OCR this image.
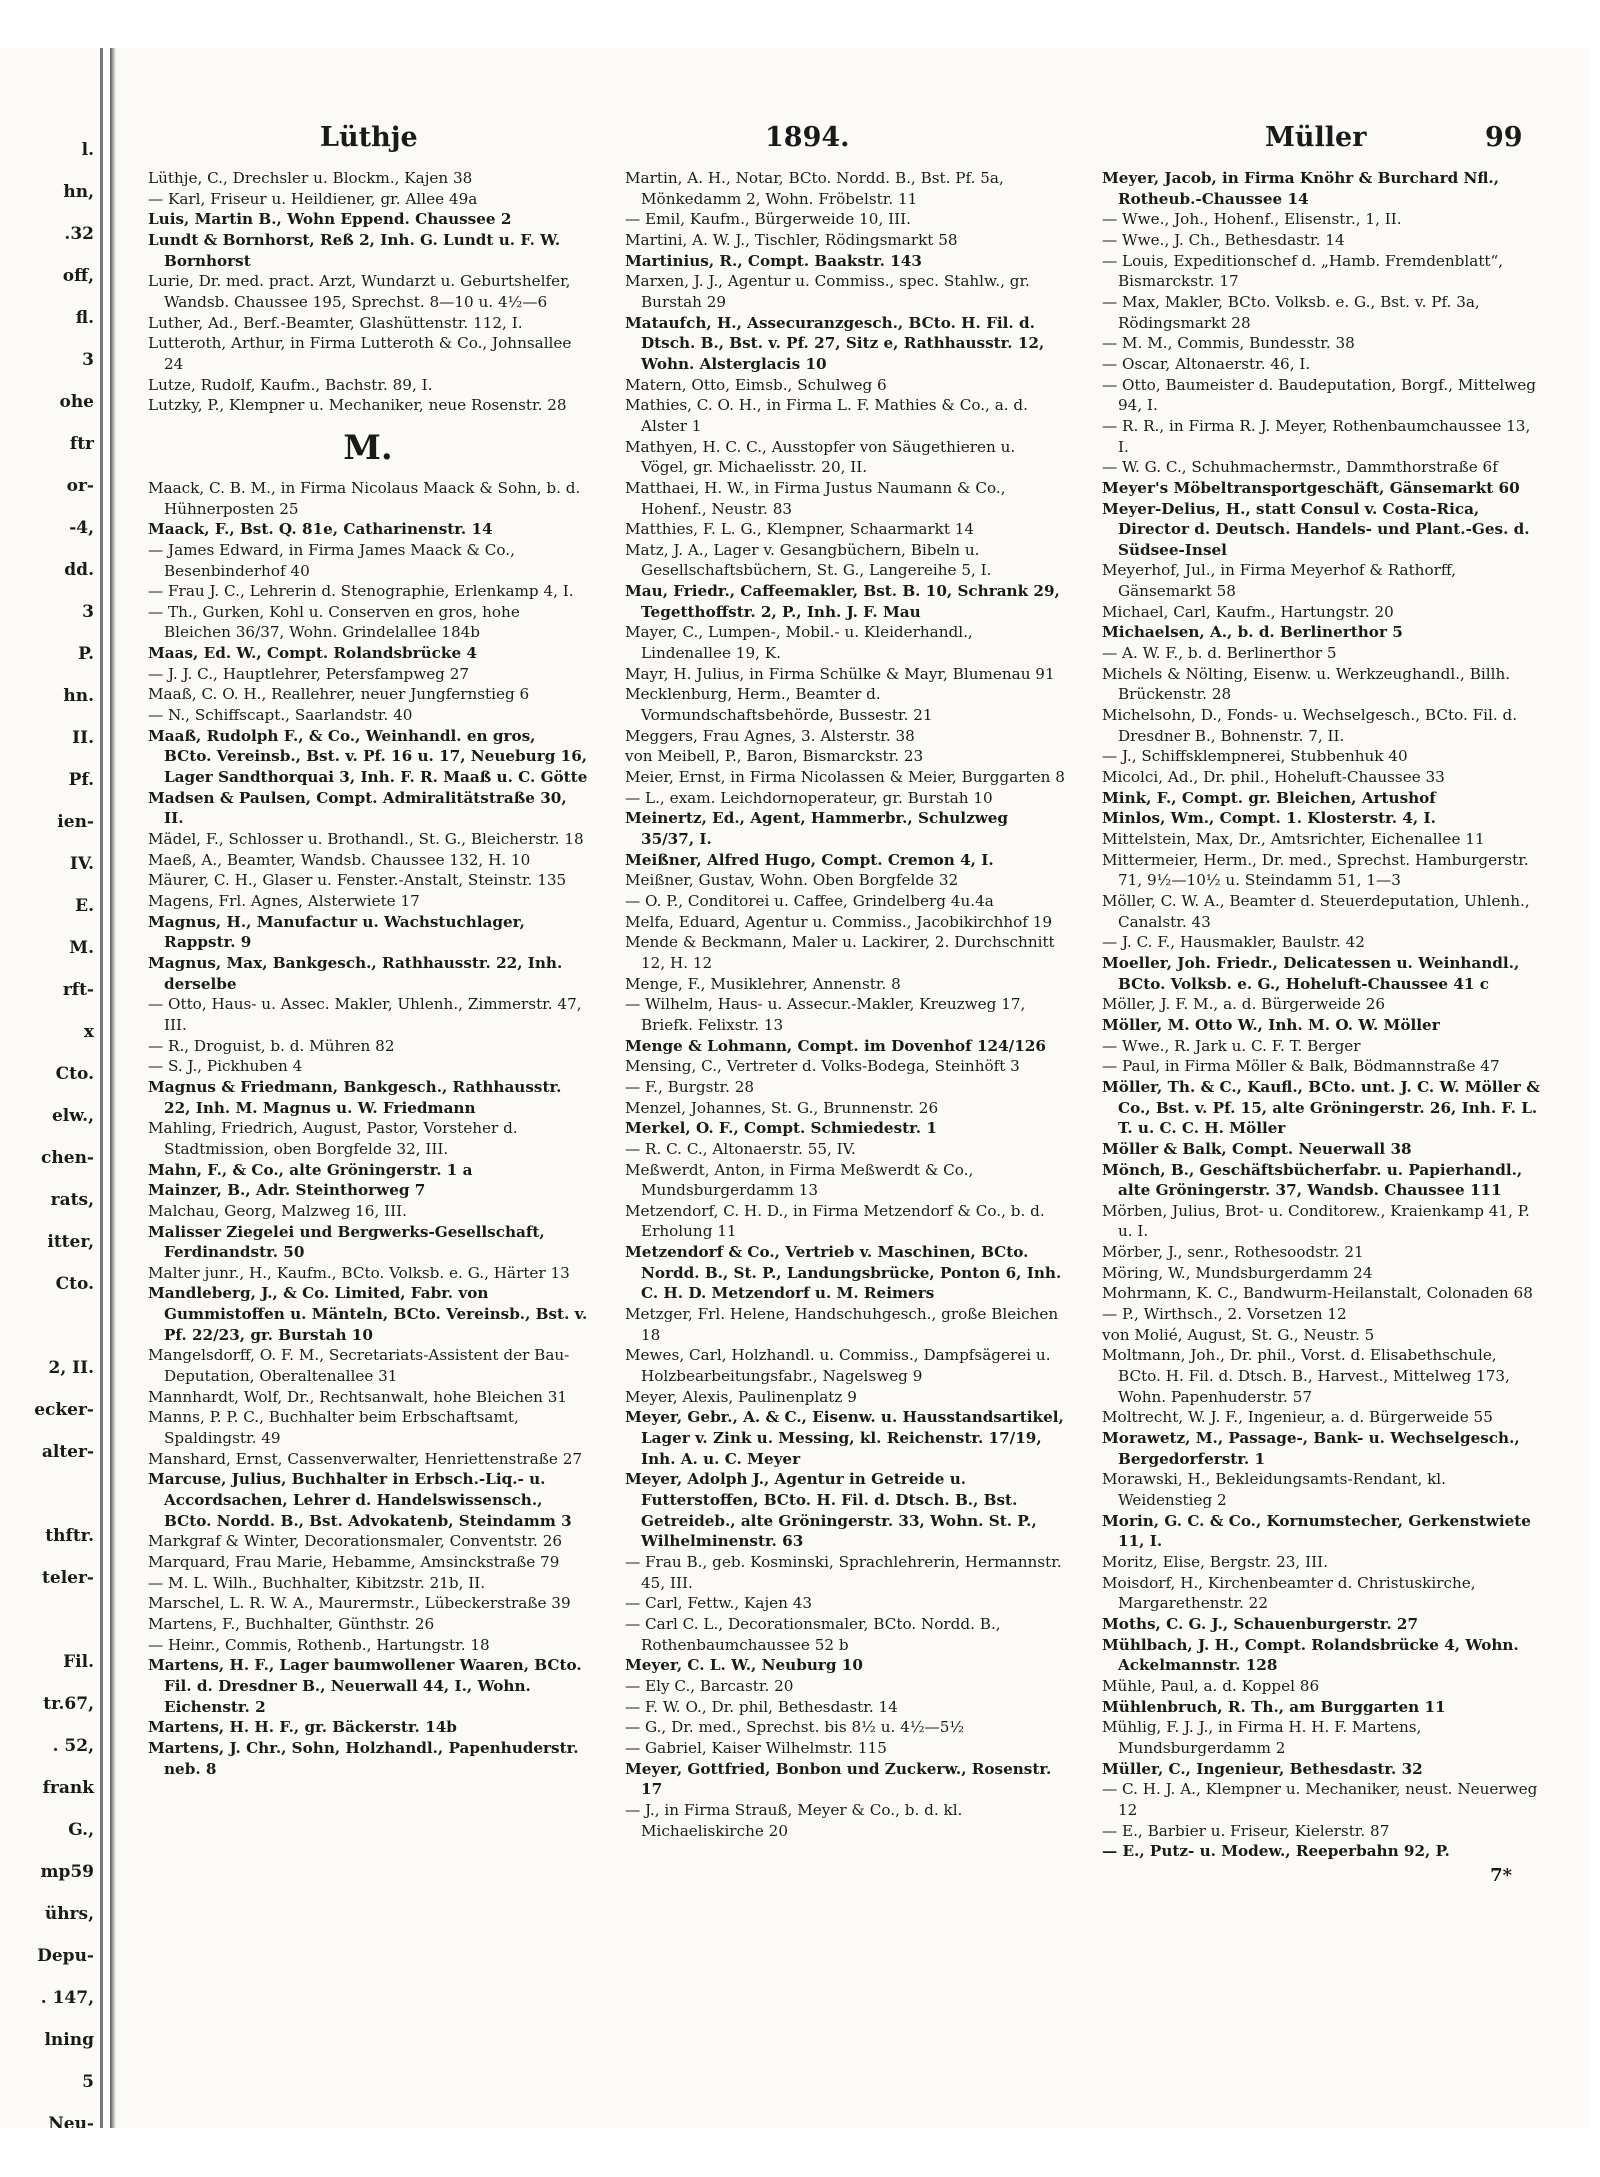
l.
hn,
.32
off,
fl.
3
ohe
ftr
or-
-4,
dd.
3
P.
hn.
II.
Pf.
ien-
IV.
E.
M.
rft-
x
Cto.
elw.,
chen-
rats,
itter,
Cto.
2, II.
ecker-
alter-
thftr.
teler-
Fil.
tr.67,
. 52,
frank
G.,
mp59
ührs,
Depu-
. 147,
lning
5
Neu-
Lüthje	1894.	Müller	99
Lüthje, C., Drechsler u. Blockm., Kajen 38
— Karl, Friseur u. Heildiener, gr. Allee 49a
Luis, Martin B., Wohn Eppend. Chaussee 2
Lundt & Bornhorst, Reß 2, Inh. G. Lundt u. F. W. Bornhorst
Lurie, Dr. med. pract. Arzt, Wundarzt u. Geburtshelfer, Wandsb. Chaussee 195, Sprechst. 8—10 u. 4½—6
Luther, Ad., Berf.-Beamter, Glashüttenstr. 112, I.
Lutteroth, Arthur, in Firma Lutteroth & Co., Johnsallee 24
Lutze, Rudolf, Kaufm., Bachstr. 89, I.
Lutzky, P., Klempner u. Mechaniker, neue Rosenstr. 28
M.
Maack, C. B. M., in Firma Nicolaus Maack & Sohn, b. d. Hühnerposten 25
Maack, F., Bst. Q. 81e, Catharinenstr. 14
— James Edward, in Firma James Maack & Co., Besenbinderhof 40
— Frau J. C., Lehrerin d. Stenographie, Erlenkamp 4, I.
— Th., Gurken, Kohl u. Conserven en gros, hohe Bleichen 36/37, Wohn. Grindelallee 184b
Maas, Ed. W., Compt. Rolandsbrücke 4
— J. J. C., Hauptlehrer, Petersfampweg 27
Maaß, C. O. H., Reallehrer, neuer Jungfernstieg 6
— N., Schiffscapt., Saarlandstr. 40
Maaß, Rudolph F., & Co., Weinhandl. en gros, BCto. Vereinsb., Bst. v. Pf. 16 u. 17, Neueburg 16, Lager Sandthorquai 3, Inh. F. R. Maaß u. C. Götte
Madsen & Paulsen, Compt. Admiralitätstraße 30, II.
Mädel, F., Schlosser u. Brothandl., St. G., Bleicherstr. 18
Maeß, A., Beamter, Wandsb. Chaussee 132, H. 10
Mäurer, C. H., Glaser u. Fenster.-Anstalt, Steinstr. 135
Magens, Frl. Agnes, Alsterwiete 17
Magnus, H., Manufactur u. Wachstuchlager, Rappstr. 9
Magnus, Max, Bankgesch., Rathhausstr. 22, Inh. derselbe
— Otto, Haus- u. Assec. Makler, Uhlenh., Zimmerstr. 47, III.
— R., Droguist, b. d. Mühren 82
— S. J., Pickhuben 4
Magnus & Friedmann, Bankgesch., Rathhausstr. 22, Inh. M. Magnus u. W. Friedmann
Mahling, Friedrich, August, Pastor, Vorsteher d. Stadtmission, oben Borgfelde 32, III.
Mahn, F., & Co., alte Gröningerstr. 1 a
Mainzer, B., Adr. Steinthorweg 7
Malchau, Georg, Malzweg 16, III.
Malisser Ziegelei und Bergwerks-Gesellschaft, Ferdinandstr. 50
Malter junr., H., Kaufm., BCto. Volksb. e. G., Härter 13
Mandleberg, J., & Co. Limited, Fabr. von Gummistoffen u. Mänteln, BCto. Vereinsb., Bst. v. Pf. 22/23, gr. Burstah 10
Mangelsdorff, O. F. M., Secretariats-Assistent der Bau-Deputation, Oberaltenallee 31
Mannhardt, Wolf, Dr., Rechtsanwalt, hohe Bleichen 31
Manns, P. P. C., Buchhalter beim Erbschaftsamt, Spaldingstr. 49
Manshard, Ernst, Cassenverwalter, Henriettenstraße 27
Marcuse, Julius, Buchhalter in Erbsch.-Liq.- u. Accordsachen, Lehrer d. Handelswissensch., BCto. Nordd. B., Bst. Advokatenb, Steindamm 3
Markgraf & Winter, Decorationsmaler, Conventstr. 26
Marquard, Frau Marie, Hebamme, Amsinckstraße 79
— M. L. Wilh., Buchhalter, Kibitzstr. 21b, II.
Marschel, L. R. W. A., Maurermstr., Lübeckerstraße 39
Martens, F., Buchhalter, Günthstr. 26
— Heinr., Commis, Rothenb., Hartungstr. 18
Martens, H. F., Lager baumwollener Waaren, BCto. Fil. d. Dresdner B., Neuerwall 44, I., Wohn. Eichenstr. 2
Martens, H. H. F., gr. Bäckerstr. 14b
Martens, J. Chr., Sohn, Holzhandl., Papenhuderstr. neb. 8
Martin, A. H., Notar, BCto. Nordd. B., Bst. Pf. 5a, Mönkedamm 2, Wohn. Fröbelstr. 11
— Emil, Kaufm., Bürgerweide 10, III.
Martini, A. W. J., Tischler, Rödingsmarkt 58
Martinius, R., Compt. Baakstr. 143
Marxen, J. J., Agentur u. Commiss., spec. Stahlw., gr. Burstah 29
Mataufch, H., Assecuranzgesch., BCto. H. Fil. d. Dtsch. B., Bst. v. Pf. 27, Sitz e, Rathhausstr. 12, Wohn. Alsterglacis 10
Matern, Otto, Eimsb., Schulweg 6
Mathies, C. O. H., in Firma L. F. Mathies & Co., a. d. Alster 1
Mathyen, H. C. C., Ausstopfer von Säugethieren u. Vögel, gr. Michaelisstr. 20, II.
Matthaei, H. W., in Firma Justus Naumann & Co., Hohenf., Neustr. 83
Matthies, F. L. G., Klempner, Schaarmarkt 14
Matz, J. A., Lager v. Gesangbüchern, Bibeln u. Gesellschaftsbüchern, St. G., Langereihe 5, I.
Mau, Friedr., Caffeemakler, Bst. B. 10, Schrank 29, Tegetthoffstr. 2, P., Inh. J. F. Mau
Mayer, C., Lumpen-, Mobil.- u. Kleiderhandl., Lindenallee 19, K.
Mayr, H. Julius, in Firma Schülke & Mayr, Blumenau 91
Mecklenburg, Herm., Beamter d. Vormundschaftsbehörde, Bussestr. 21
Meggers, Frau Agnes, 3. Alsterstr. 38
von Meibell, P., Baron, Bismarckstr. 23
Meier, Ernst, in Firma Nicolassen & Meier, Burggarten 8
— L., exam. Leichdornoperateur, gr. Burstah 10
Meinertz, Ed., Agent, Hammerbr., Schulzweg 35/37, I.
Meißner, Alfred Hugo, Compt. Cremon 4, I.
Meißner, Gustav, Wohn. Oben Borgfelde 32
— O. P., Conditorei u. Caffee, Grindelberg 4u.4a
Melfa, Eduard, Agentur u. Commiss., Jacobikirchhof 19
Mende & Beckmann, Maler u. Lackirer, 2. Durchschnitt 12, H. 12
Menge, F., Musiklehrer, Annenstr. 8
— Wilhelm, Haus- u. Assecur.-Makler, Kreuzweg 17, Briefk. Felixstr. 13
Menge & Lohmann, Compt. im Dovenhof 124/126
Mensing, C., Vertreter d. Volks-Bodega, Steinhöft 3
— F., Burgstr. 28
Menzel, Johannes, St. G., Brunnenstr. 26
Merkel, O. F., Compt. Schmiedestr. 1
— R. C. C., Altonaerstr. 55, IV.
Meßwerdt, Anton, in Firma Meßwerdt & Co., Mundsburgerdamm 13
Metzendorf, C. H. D., in Firma Metzendorf & Co., b. d. Erholung 11
Metzendorf & Co., Vertrieb v. Maschinen, BCto. Nordd. B., St. P., Landungsbrücke, Ponton 6, Inh. C. H. D. Metzendorf u. M. Reimers
Metzger, Frl. Helene, Handschuhgesch., große Bleichen 18
Mewes, Carl, Holzhandl. u. Commiss., Dampfsägerei u. Holzbearbeitungsfabr., Nagelsweg 9
Meyer, Alexis, Paulinenplatz 9
Meyer, Gebr., A. & C., Eisenw. u. Hausstandsartikel, Lager v. Zink u. Messing, kl. Reichenstr. 17/19, Inh. A. u. C. Meyer
Meyer, Adolph J., Agentur in Getreide u. Futterstoffen, BCto. H. Fil. d. Dtsch. B., Bst. Getreideb., alte Gröningerstr. 33, Wohn. St. P., Wilhelminenstr. 63
— Frau B., geb. Kosminski, Sprachlehrerin, Hermannstr. 45, III.
— Carl, Fettw., Kajen 43
— Carl C. L., Decorationsmaler, BCto. Nordd. B., Rothenbaumchaussee 52 b
Meyer, C. L. W., Neuburg 10
— Ely C., Barcastr. 20
— F. W. O., Dr. phil, Bethesdastr. 14
— G., Dr. med., Sprechst. bis 8½ u. 4½—5½
— Gabriel, Kaiser Wilhelmstr. 115
Meyer, Gottfried, Bonbon und Zuckerw., Rosenstr. 17
— J., in Firma Strauß, Meyer & Co., b. d. kl. Michaeliskirche 20
Meyer, Jacob, in Firma Knöhr & Burchard Nfl., Rotheub.-Chaussee 14
— Wwe., Joh., Hohenf., Elisenstr., 1, II.
— Wwe., J. Ch., Bethesdastr. 14
— Louis, Expeditionschef d. „Hamb. Fremdenblatt“, Bismarckstr. 17
— Max, Makler, BCto. Volksb. e. G., Bst. v. Pf. 3a, Rödingsmarkt 28
— M. M., Commis, Bundesstr. 38
— Oscar, Altonaerstr. 46, I.
— Otto, Baumeister d. Baudeputation, Borgf., Mittelweg 94, I.
— R. R., in Firma R. J. Meyer, Rothenbaumchaussee 13, I.
— W. G. C., Schuhmachermstr., Dammthorstraße 6f
Meyer's Möbeltransportgeschäft, Gänsemarkt 60
Meyer-Delius, H., statt Consul v. Costa-Rica, Director d. Deutsch. Handels- und Plant.-Ges. d. Südsee-Insel
Meyerhof, Jul., in Firma Meyerhof & Rathorff, Gänsemarkt 58
Michael, Carl, Kaufm., Hartungstr. 20
Michaelsen, A., b. d. Berlinerthor 5
— A. W. F., b. d. Berlinerthor 5
Michels & Nölting, Eisenw. u. Werkzeughandl., Billh. Brückenstr. 28
Michelsohn, D., Fonds- u. Wechselgesch., BCto. Fil. d. Dresdner B., Bohnenstr. 7, II.
— J., Schiffsklempnerei, Stubbenhuk 40
Micolci, Ad., Dr. phil., Hoheluft-Chaussee 33
Mink, F., Compt. gr. Bleichen, Artushof
Minlos, Wm., Compt. 1. Klosterstr. 4, I.
Mittelstein, Max, Dr., Amtsrichter, Eichenallee 11
Mittermeier, Herm., Dr. med., Sprechst. Hamburgerstr. 71, 9½—10½ u. Steindamm 51, 1—3
Möller, C. W. A., Beamter d. Steuerdeputation, Uhlenh., Canalstr. 43
— J. C. F., Hausmakler, Baulstr. 42
Moeller, Joh. Friedr., Delicatessen u. Weinhandl., BCto. Volksb. e. G., Hoheluft-Chaussee 41 c
Möller, J. F. M., a. d. Bürgerweide 26
Möller, M. Otto W., Inh. M. O. W. Möller
— Wwe., R. Jark u. C. F. T. Berger
— Paul, in Firma Möller & Balk, Bödmannstraße 47
Möller, Th. & C., Kaufl., BCto. unt. J. C. W. Möller & Co., Bst. v. Pf. 15, alte Gröningerstr. 26, Inh. F. L. T. u. C. C. H. Möller
Möller & Balk, Compt. Neuerwall 38
Mönch, B., Geschäftsbücherfabr. u. Papierhandl., alte Gröningerstr. 37, Wandsb. Chaussee 111
Mörben, Julius, Brot- u. Conditorew., Kraienkamp 41, P. u. I.
Mörber, J., senr., Rothesoodstr. 21
Möring, W., Mundsburgerdamm 24
Mohrmann, K. C., Bandwurm-Heilanstalt, Colonaden 68
— P., Wirthsch., 2. Vorsetzen 12
von Molié, August, St. G., Neustr. 5
Moltmann, Joh., Dr. phil., Vorst. d. Elisabethschule, BCto. H. Fil. d. Dtsch. B., Harvest., Mittelweg 173, Wohn. Papenhuderstr. 57
Moltrecht, W. J. F., Ingenieur, a. d. Bürgerweide 55
Morawetz, M., Passage-, Bank- u. Wechselgesch., Bergedorferstr. 1
Morawski, H., Bekleidungsamts-Rendant, kl. Weidenstieg 2
Morin, G. C. & Co., Kornumstecher, Gerkenstwiete 11, I.
Moritz, Elise, Bergstr. 23, III.
Moisdorf, H., Kirchenbeamter d. Christuskirche, Margarethenstr. 22
Moths, C. G. J., Schauenburgerstr. 27
Mühlbach, J. H., Compt. Rolandsbrücke 4, Wohn. Ackelmannstr. 128
Mühle, Paul, a. d. Koppel 86
Mühlenbruch, R. Th., am Burggarten 11
Mühlig, F. J. J., in Firma H. H. F. Martens, Mundsburgerdamm 2
Müller, C., Ingenieur, Bethesdastr. 32
— C. H. J. A., Klempner u. Mechaniker, neust. Neuerweg 12
— E., Barbier u. Friseur, Kielerstr. 87
— E., Putz- u. Modew., Reeperbahn 92, P.
7*
